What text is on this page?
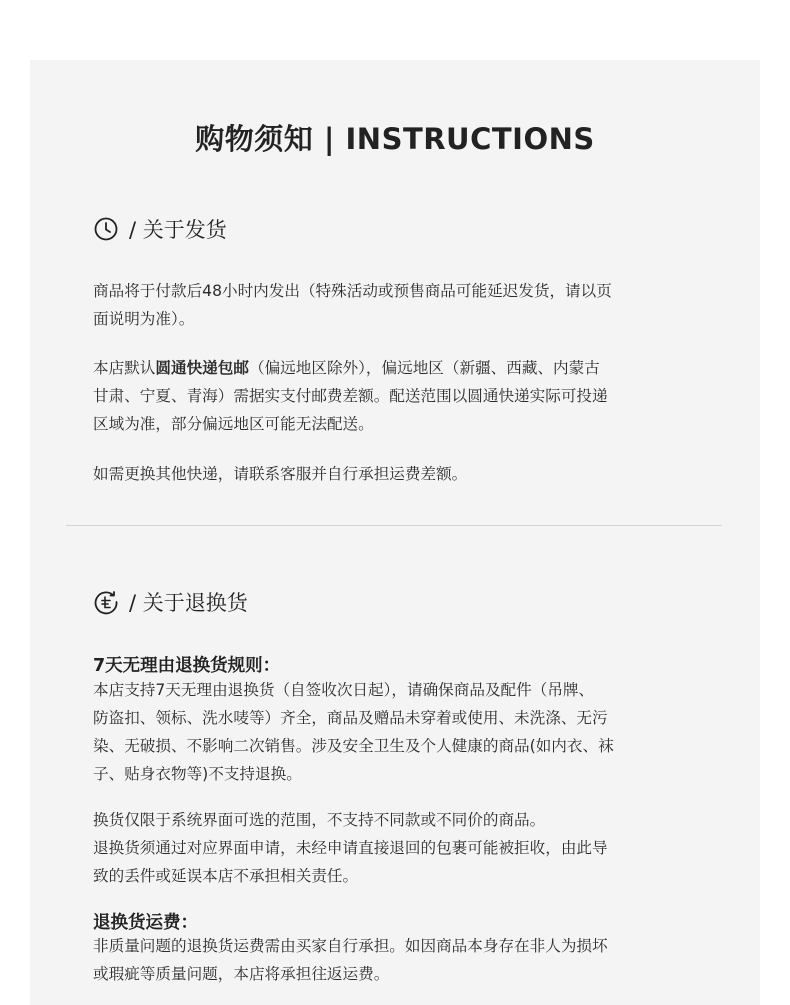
购物须知 | INSTRUCTIONS
/ 关于发货

商品将于付款后48小时内发出（特殊活动或预售商品可能延迟发货，请以页
面说明为准）。

本店默认圆通快递包邮（偏远地区除外），偏远地区（新疆、西藏、内蒙古
甘肃、宁夏、青海）需据实支付邮费差额。配送范围以圆通快递实际可投递
区域为准，部分偏远地区可能无法配送。

如需更换其他快递，请联系客服并自行承担运费差额。

/ 关于退换货
7天无理由退换货规则：

本店支持7天无理由退换货（自签收次日起），请确保商品及配件（吊牌、
防盗扣、领标、洗水唛等）齐全，商品及赠品未穿着或使用、未洗涤、无污
染、无破损、不影响二次销售。涉及安全卫生及个人健康的商品(如内衣、袜
子、贴身衣物等)不支持退换。

换货仅限于系统界面可选的范围，不支持不同款或不同价的商品。
退换货须通过对应界面申请，未经申请直接退回的包裹可能被拒收，由此导
致的丢件或延误本店不承担相关责任。

退换货运费：

非质量问题的退换货运费需由买家自行承担。如因商品本身存在非人为损坏
或瑕疵等质量问题，本店将承担往返运费。
